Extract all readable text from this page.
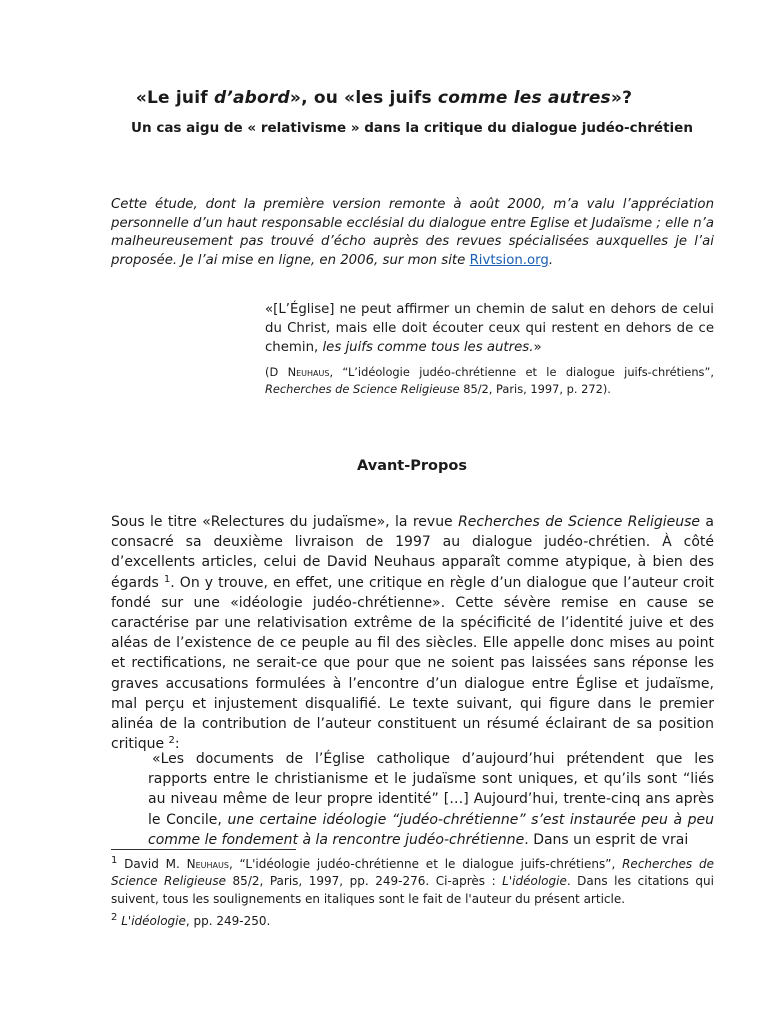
«Le juif d’abord», ou «les juifs comme les autres»?
Un cas aigu de « relativisme » dans la critique du dialogue judéo-chrétien
Cette étude, dont la première version remonte à août 2000, m’a valu l’appréciation personnelle d’un haut responsable ecclésial du dialogue entre Eglise et Judaïsme ; elle n’a malheureusement pas trouvé d’écho auprès des revues spécialisées auxquelles je l’ai proposée. Je l’ai mise en ligne, en 2006, sur mon site Rivtsion.org.
«[L’Église] ne peut affirmer un chemin de salut en dehors de celui du Christ, mais elle doit écouter ceux qui restent en dehors de ce chemin, les juifs comme tous les autres.»
(D Neuhaus, “L’idéologie judéo-chrétienne et le dialogue juifs-chrétiens”, Recherches de Science Religieuse 85/2, Paris, 1997, p. 272).
Avant-Propos
Sous le titre «Relectures du judaïsme», la revue Recherches de Science Religieuse a consacré sa deuxième livraison de 1997 au dialogue judéo-chrétien. À côté d’excellents articles, celui de David Neuhaus apparaît comme atypique, à bien des égards $^1$. On y trouve, en effet, une critique en règle d’un dialogue que l’auteur croit fondé sur une «idéologie judéo-chrétienne». Cette sévère remise en cause se caractérise par une relativisation extrême de la spécificité de l’identité juive et des aléas de l’existence de ce peuple au fil des siècles. Elle appelle donc mises au point et rectifications, ne serait-ce que pour que ne soient pas laissées sans réponse les graves accusations formulées à l’encontre d’un dialogue entre Église et judaïsme, mal perçu et injustement disqualifié. Le texte suivant, qui figure dans le premier alinéa de la contribution de l’auteur constituent un résumé éclairant de sa position critique $^2$:
«Les documents de l’Église catholique d’aujourd’hui prétendent que les rapports entre le christianisme et le judaïsme sont uniques, et qu’ils sont “liés au niveau même de leur propre identité” […] Aujourd’hui, trente-cinq ans après le Concile, une certaine idéologie “judéo-chrétienne” s’est instaurée peu à peu comme le fondement à la rencontre judéo-chrétienne. Dans un esprit de vrai
$^1$ David M. Neuhaus, “L'idéologie judéo-chrétienne et le dialogue juifs-chrétiens”, Recherches de Science Religieuse 85/2, Paris, 1997, pp. 249-276. Ci-après : L'idéologie. Dans les citations qui suivent, tous les soulignements en italiques sont le fait de l'auteur du présent article.
$^2$ L'idéologie, pp. 249-250.
